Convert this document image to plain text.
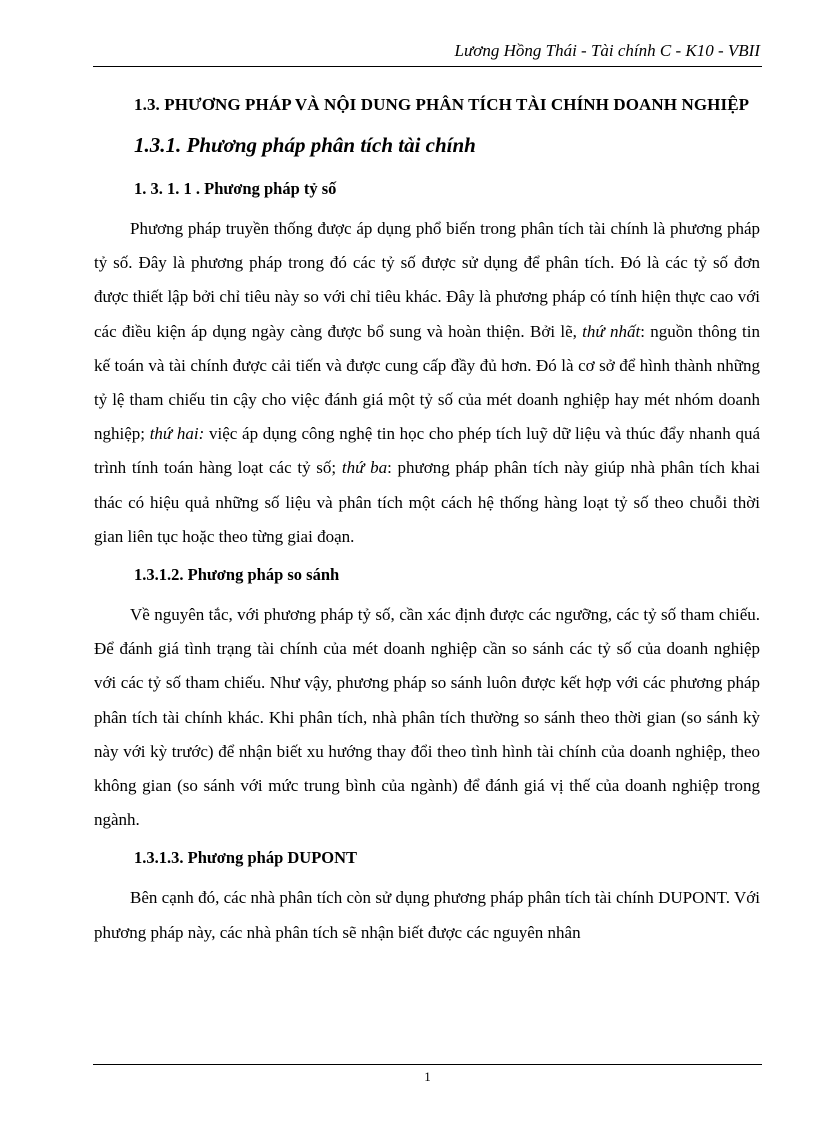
Lương Hồng Thái - Tài chính C - K10 - VBII
1.3. PHƯƠNG PHÁP VÀ NỘI DUNG PHÂN TÍCH TÀI CHÍNH DOANH NGHIỆP
1.3.1. Phương pháp phân tích tài chính
1. 3. 1. 1 . Phương pháp tỷ số
Phương pháp truyền thống được áp dụng phổ biến trong phân tích tài chính là phương pháp tỷ số. Đây là phương pháp trong đó các tỷ số được sử dụng để phân tích. Đó là các tỷ số đơn được thiết lập bởi chỉ tiêu này so với chỉ tiêu khác. Đây là phương pháp có tính hiện thực cao với các điều kiện áp dụng ngày càng được bổ sung và hoàn thiện. Bởi lẽ, thứ nhất: nguồn thông tin kế toán và tài chính được cải tiến và được cung cấp đầy đủ hơn. Đó là cơ sở để hình thành những tỷ lệ tham chiếu tin cậy cho việc đánh giá một tỷ số của mét doanh nghiệp hay mét nhóm doanh nghiệp; thứ hai: việc áp dụng công nghệ tin học cho phép tích luỹ dữ liệu và thúc đẩy nhanh quá trình tính toán hàng loạt các tỷ số; thứ ba: phương pháp phân tích này giúp nhà phân tích khai thác có hiệu quả những số liệu và phân tích một cách hệ thống hàng loạt tỷ số theo chuỗi thời gian liên tục hoặc theo từng giai đoạn.
1.3.1.2. Phương pháp so sánh
Về nguyên tắc, với phương pháp tỷ số, cần xác định được các ngưỡng, các tỷ số tham chiếu. Để đánh giá tình trạng tài chính của mét doanh nghiệp cần so sánh các tỷ số của doanh nghiệp với các tỷ số tham chiếu. Như vậy, phương pháp so sánh luôn được kết hợp với các phương pháp phân tích tài chính khác. Khi phân tích, nhà phân tích thường so sánh theo thời gian (so sánh kỳ này với kỳ trước) để nhận biết xu hướng thay đổi theo tình hình tài chính của doanh nghiệp, theo không gian (so sánh với mức trung bình của ngành) để đánh giá vị thế của doanh nghiệp trong ngành.
1.3.1.3. Phương pháp DUPONT
Bên cạnh đó, các nhà phân tích còn sử dụng phương pháp phân tích tài chính DUPONT. Với phương pháp này, các nhà phân tích sẽ nhận biết được các nguyên nhân
1
